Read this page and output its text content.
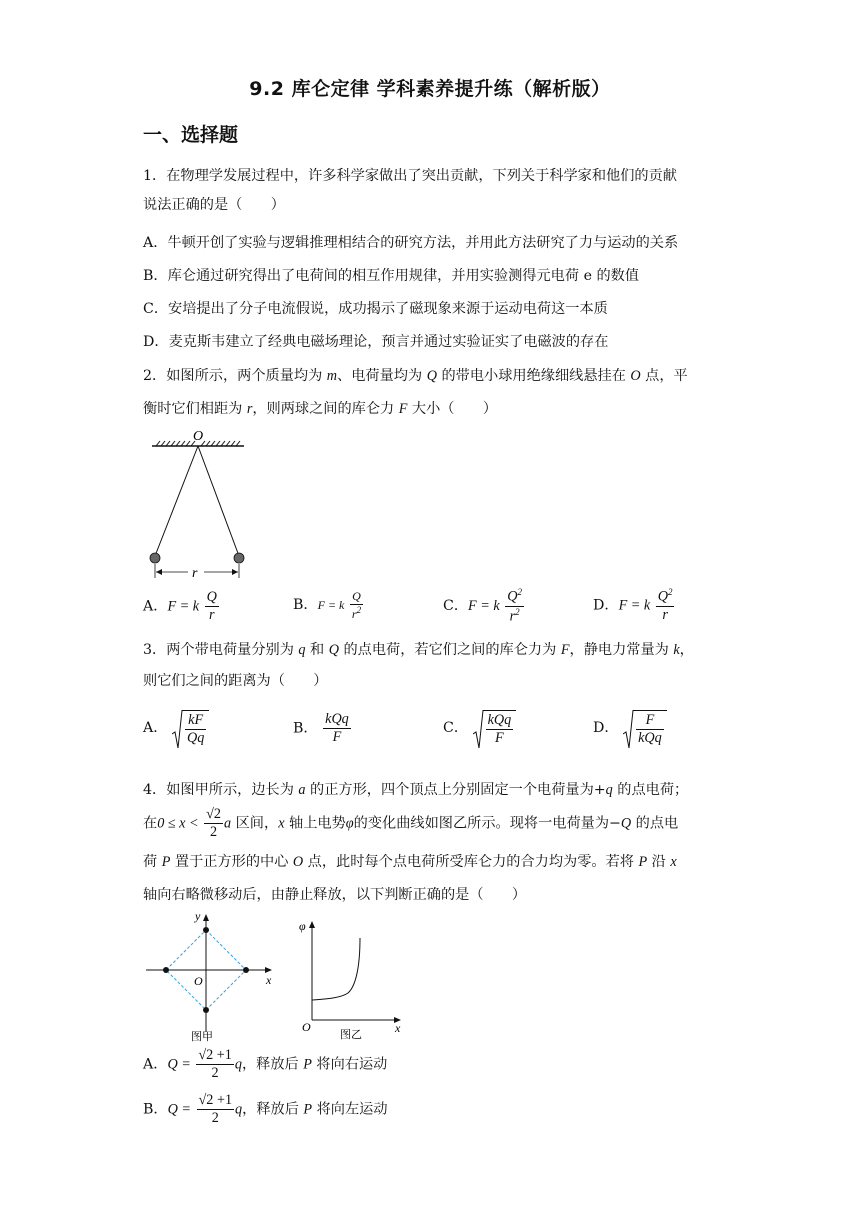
9.2 库仑定律 学科素养提升练（解析版）
一、选择题
1．在物理学发展过程中，许多科学家做出了突出贡献，下列关于科学家和他们的贡献
说法正确的是（　　）
A．牛顿开创了实验与逻辑推理相结合的研究方法，并用此方法研究了力与运动的关系
B．库仑通过研究得出了电荷间的相互作用规律，并用实验测得元电荷 e 的数值
C．安培提出了分子电流假说，成功揭示了磁现象来源于运动电荷这一本质
D．麦克斯韦建立了经典电磁场理论，预言并通过实验证实了电磁波的存在
2．如图所示，两个质量均为 m、电荷量均为 Q 的带电小球用绝缘细线悬挂在 O 点，平
衡时它们相距为 r，则两球之间的库仑力 F 大小（　　）
O
r
A．F = k $\frac{Q}{r}$	B．F = k $\frac{Q}{r^2}$	C．F = k $\frac{Q^2}{r^2}$	D．F = k $\frac{Q^2}{r}$
3．两个带电荷量分别为 q 和 Q 的点电荷，若它们之间的库仑力为 F，静电力常量为 k，
则它们之间的距离为（　　）
A． $\frac{kF}{Qq}$	B． $\frac{\text{kQq}}{F}$	C． $\frac{\text{kQq}}{F}$	D． $\frac{F}{\text{kQq}}$
4．如图甲所示，边长为 a 的正方形，四个顶点上分别固定一个电荷量为+q 的点电荷；
在$0 \le x < \frac{√2}{2}$ a 区间，x 轴上电势φ的变化曲线如图乙所示。现将一电荷量为−Q 的点电
荷 P 置于正方形的中心 O 点，此时每个点电荷所受库仑力的合力均为零。若将 P 沿 x
轴向右略微移动后，由静止释放，以下判断正确的是（　　）
y
x
O
图甲
φ
O	x
图乙
A．$Q = \frac{√2 +1}{2}$ q，释放后 P 将向右运动
B．$Q = \frac{√2 +1}{2}$ q，释放后 P 将向左运动
